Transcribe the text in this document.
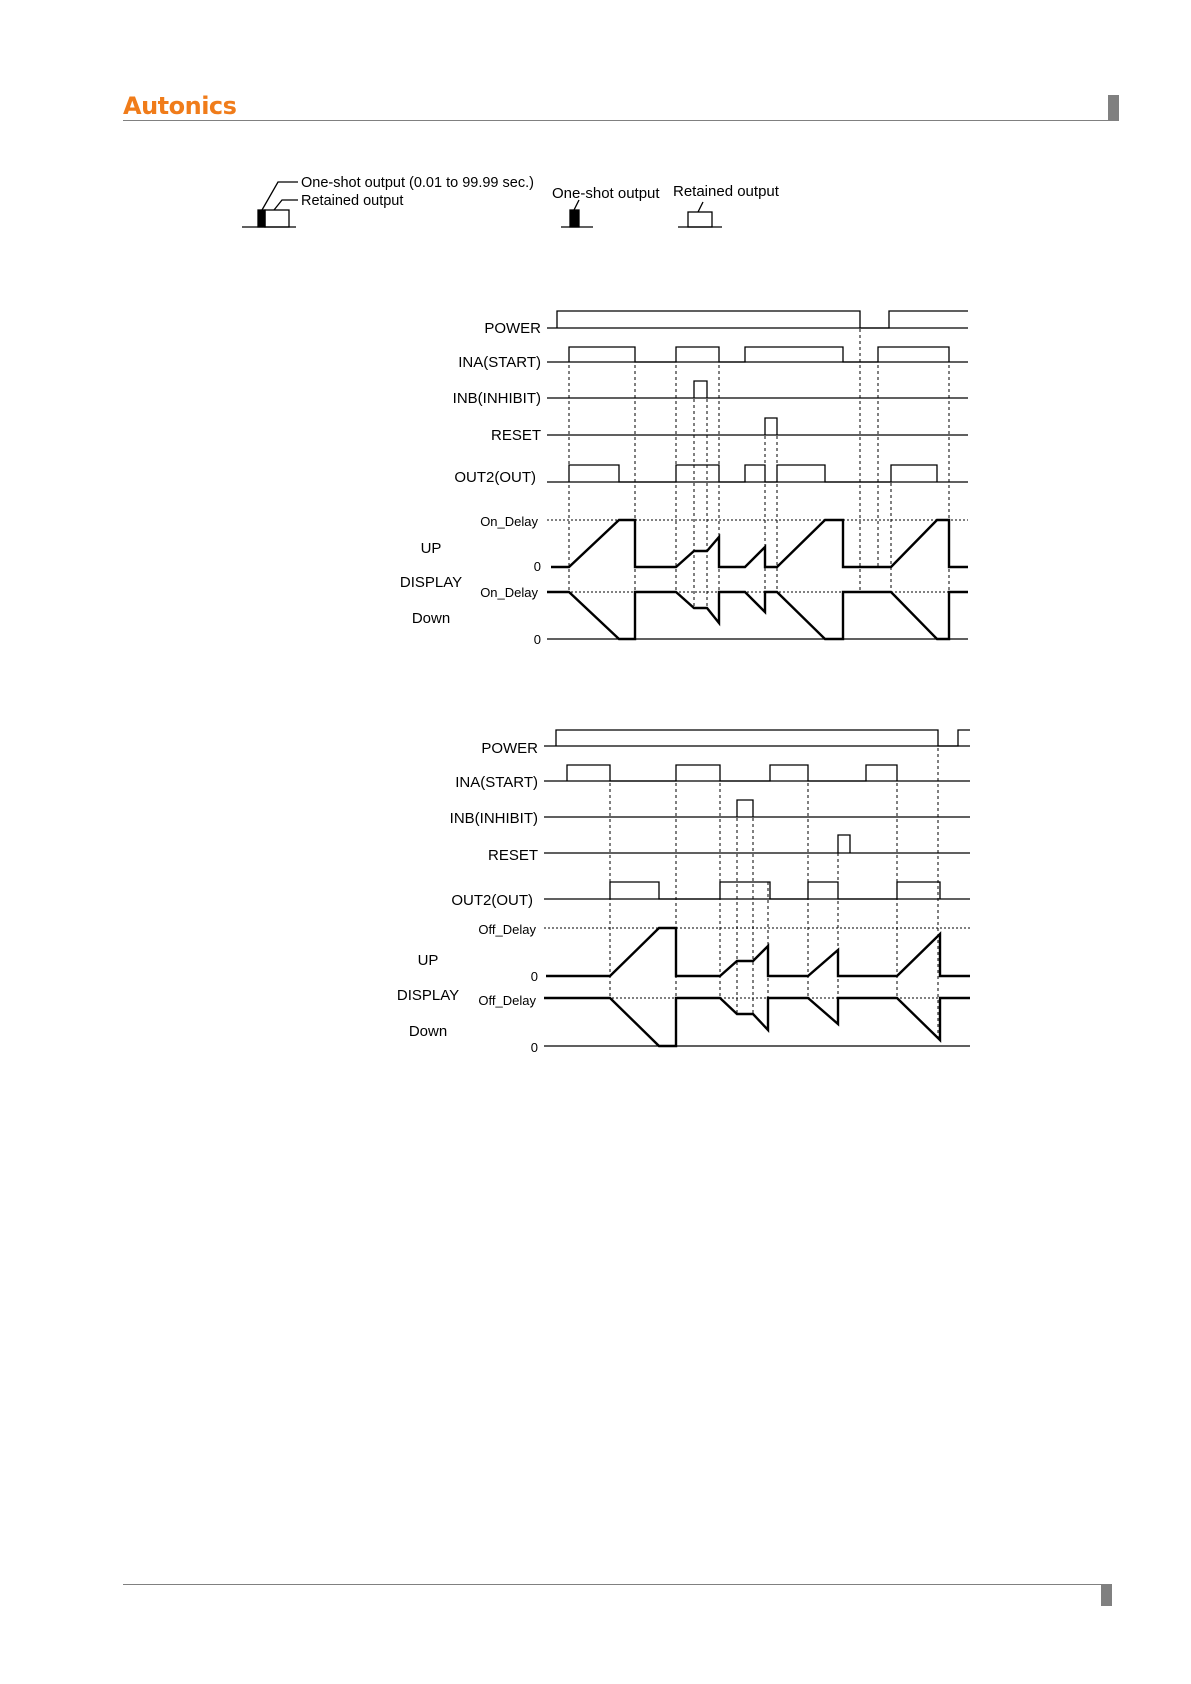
Autonics
One-shot output (0.01 to 99.99 sec.)
Retained output	One-shot output Retained output
POWER
INA(START)
INB(INHIBIT)
RESET
OUT2(OUT)
On_Delay
0
On_Delay
0
UP
DISPLAY
Down
POWER
INA(START)
INB(INHIBIT)
RESET
OUT2(OUT)
Off_Delay
0
Off_Delay
0
UP
DISPLAY
Down
